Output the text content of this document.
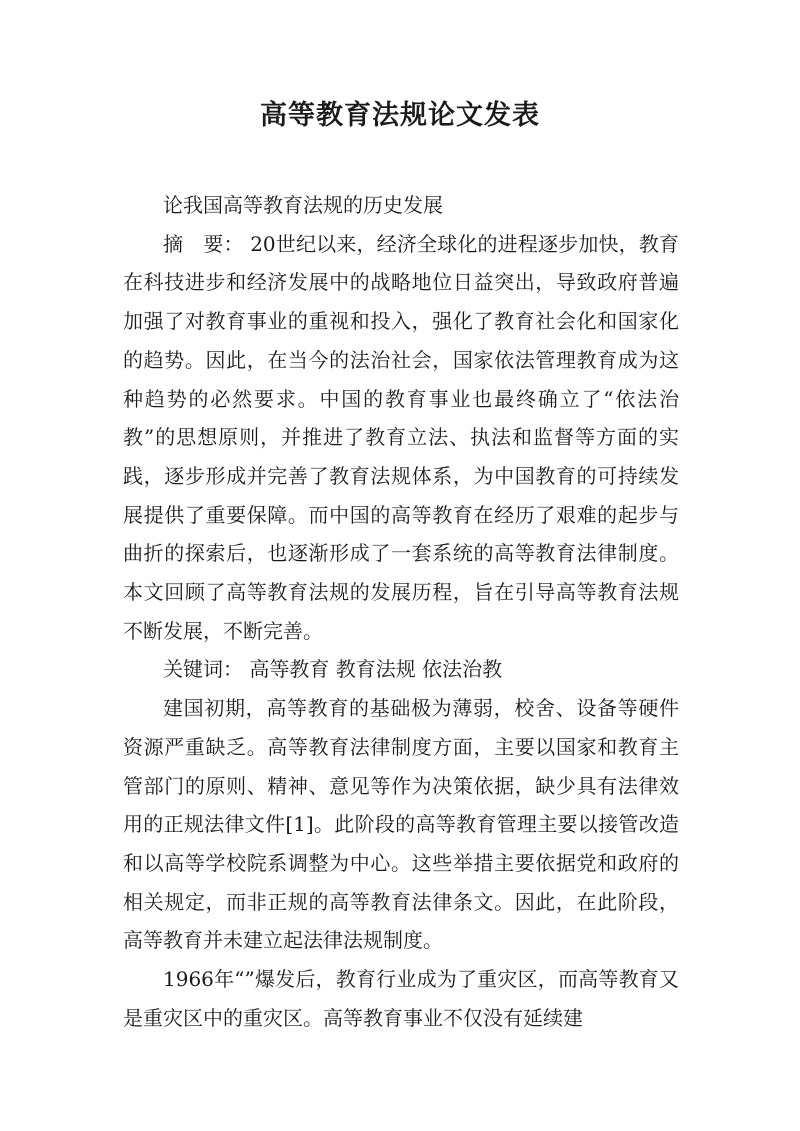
高等教育法规论文发表

论我国高等教育法规的历史发展

摘　要： 20世纪以来，经济全球化的进程逐步加快，教育在科技进步和经济发展中的战略地位日益突出，导致政府普遍加强了对教育事业的重视和投入，强化了教育社会化和国家化的趋势。因此，在当今的法治社会，国家依法管理教育成为这种趋势的必然要求。中国的教育事业也最终确立了“依法治教”的思想原则，并推进了教育立法、执法和监督等方面的实践，逐步形成并完善了教育法规体系，为中国教育的可持续发展提供了重要保障。而中国的高等教育在经历了艰难的起步与曲折的探索后，也逐渐形成了一套系统的高等教育法律制度。本文回顾了高等教育法规的发展历程，旨在引导高等教育法规不断发展，不断完善。

关键词： 高等教育 教育法规 依法治教

建国初期，高等教育的基础极为薄弱，校舍、设备等硬件资源严重缺乏。高等教育法律制度方面，主要以国家和教育主管部门的原则、精神、意见等作为决策依据，缺少具有法律效用的正规法律文件[1]。此阶段的高等教育管理主要以接管改造和以高等学校院系调整为中心。这些举措主要依据党和政府的相关规定，而非正规的高等教育法律条文。因此，在此阶段，高等教育并未建立起法律法规制度。

1966年“”爆发后，教育行业成为了重灾区，而高等教育又是重灾区中的重灾区。高等教育事业不仅没有延续建
